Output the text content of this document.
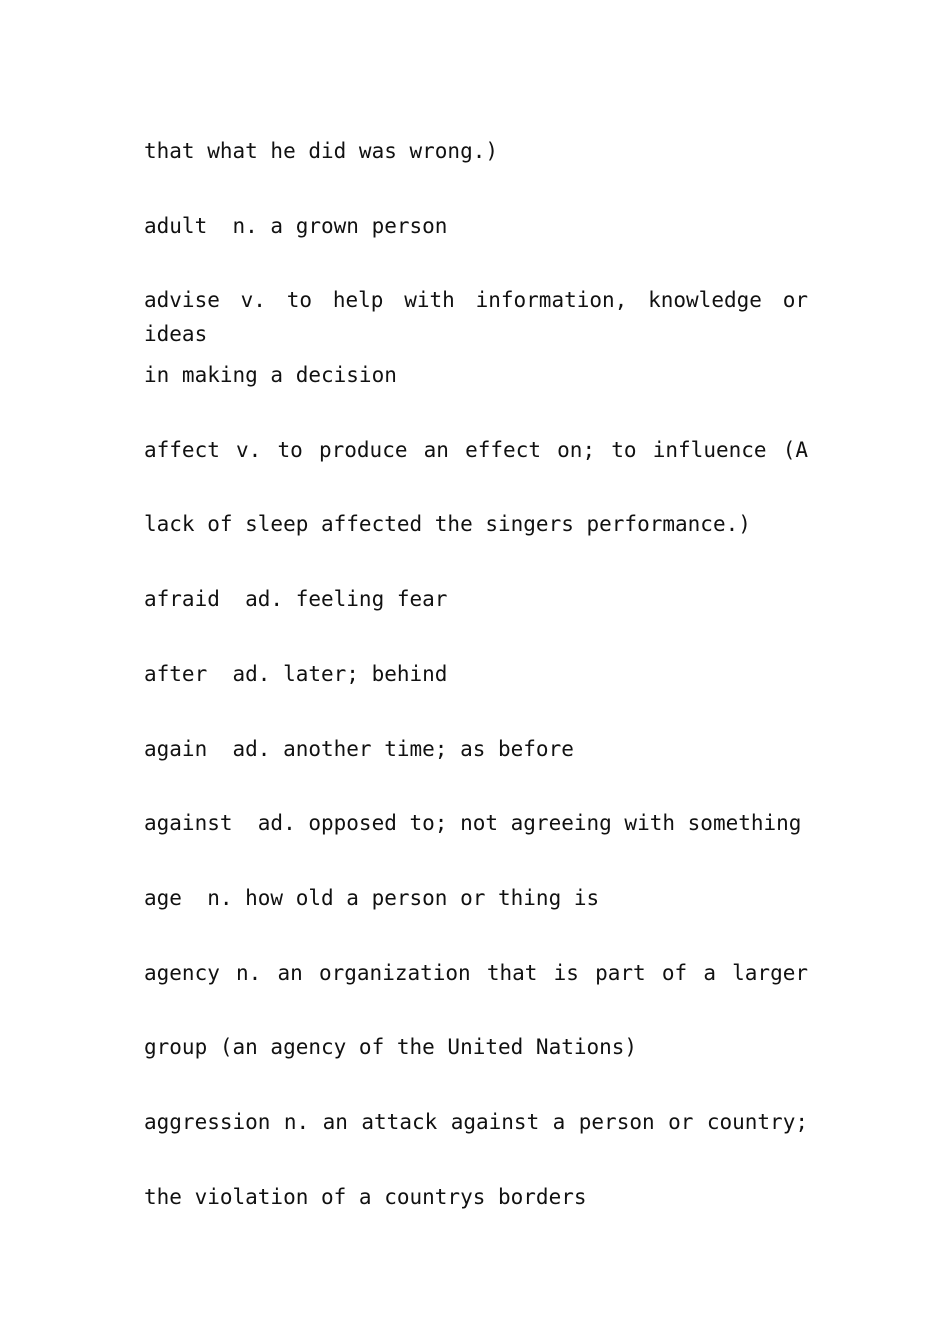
that what he did was wrong.)
adult  n. a grown person
advise v. to help with information, knowledge or ideas
in making a decision
affect v. to produce an effect on; to influence (A
lack of sleep affected the singers performance.)
afraid  ad. feeling fear
after  ad. later; behind
again  ad. another time; as before
against  ad. opposed to; not agreeing with something
age  n. how old a person or thing is
agency n. an organization that is part of a larger
group (an agency of the United Nations)
aggression n. an attack against a person or country;
the violation of a countrys borders
